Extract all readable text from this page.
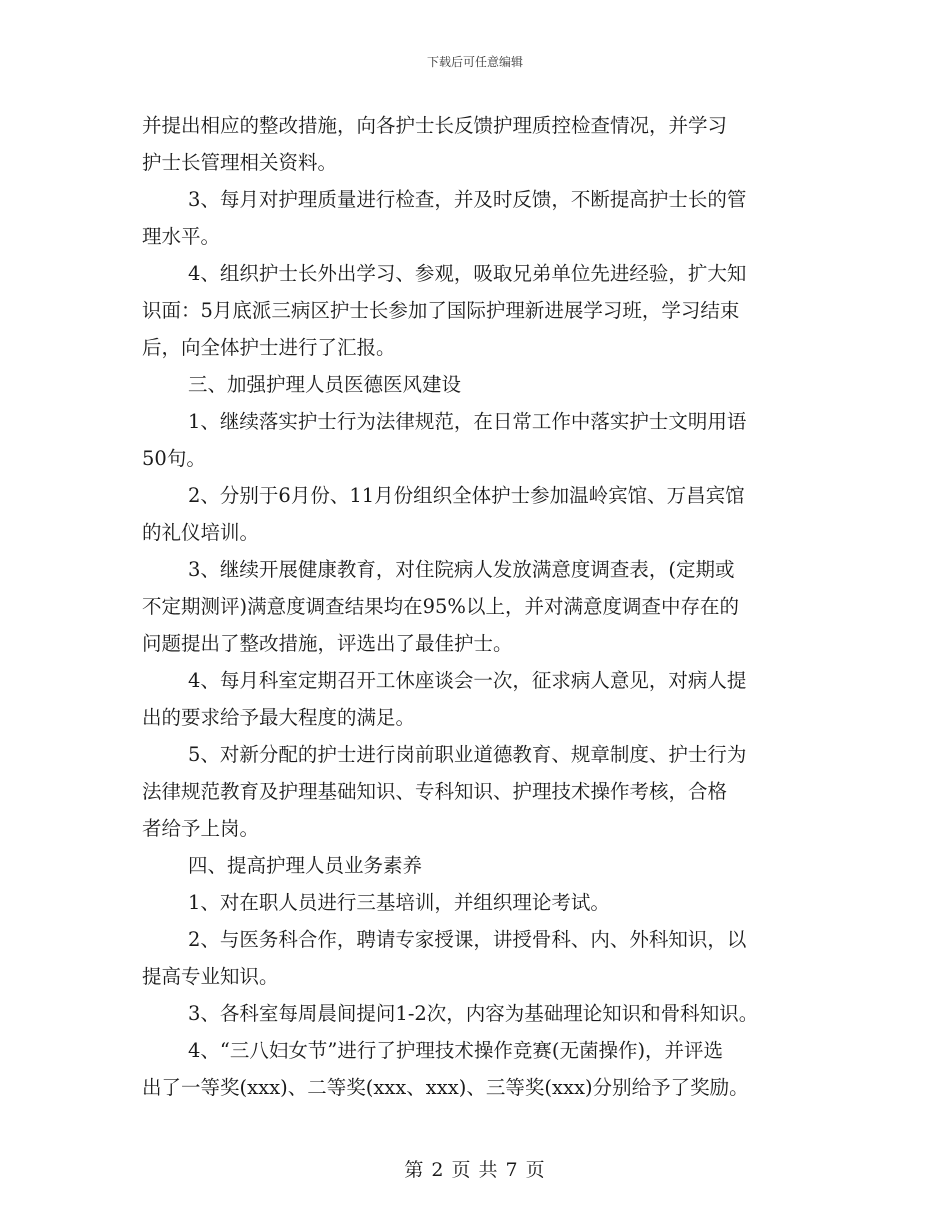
下载后可任意编辑
并提出相应的整改措施，向各护士长反馈护理质控检查情况，并学习
护士长管理相关资料。
3、每月对护理质量进行检查，并及时反馈，不断提高护士长的管
理水平。
4、组织护士长外出学习、参观，吸取兄弟单位先进经验，扩大知
识面：5月底派三病区护士长参加了国际护理新进展学习班，学习结束
后，向全体护士进行了汇报。
三、加强护理人员医德医风建设
1、继续落实护士行为法律规范，在日常工作中落实护士文明用语
50句。
2、分别于6月份、11月份组织全体护士参加温岭宾馆、万昌宾馆
的礼仪培训。
3、继续开展健康教育，对住院病人发放满意度调查表，(定期或
不定期测评)满意度调查结果均在95%以上，并对满意度调查中存在的
问题提出了整改措施，评选出了最佳护士。
4、每月科室定期召开工休座谈会一次，征求病人意见，对病人提
出的要求给予最大程度的满足。
5、对新分配的护士进行岗前职业道德教育、规章制度、护士行为
法律规范教育及护理基础知识、专科知识、护理技术操作考核，合格
者给予上岗。
四、提高护理人员业务素养
1、对在职人员进行三基培训，并组织理论考试。
2、与医务科合作，聘请专家授课，讲授骨科、内、外科知识，以
提高专业知识。
3、各科室每周晨间提问1-2次，内容为基础理论知识和骨科知识。
4、“三八妇女节”进行了护理技术操作竞赛(无菌操作)，并评选
出了一等奖(xxx)、二等奖(xxx、xxx)、三等奖(xxx)分别给予了奖励。
第 2 页 共 7 页
